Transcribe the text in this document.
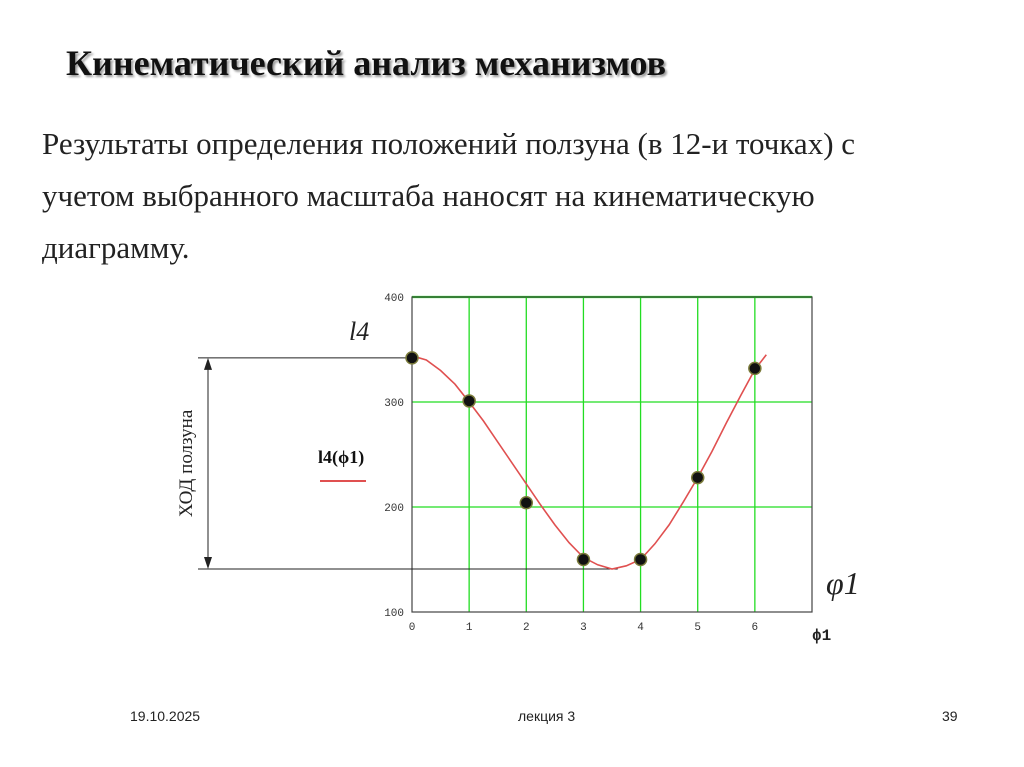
Кинематический анализ механизмов
Результаты определения положений ползуна (в 12-и точках) с учетом выбранного масштаба наносят на кинематическую диаграмму.
100
200
300
400
0	1	2	3	4	5	6
ХОД ползуна	l4(ϕ1)
l4
φ1
ϕ1
19.10.2025	лекция 3	39
